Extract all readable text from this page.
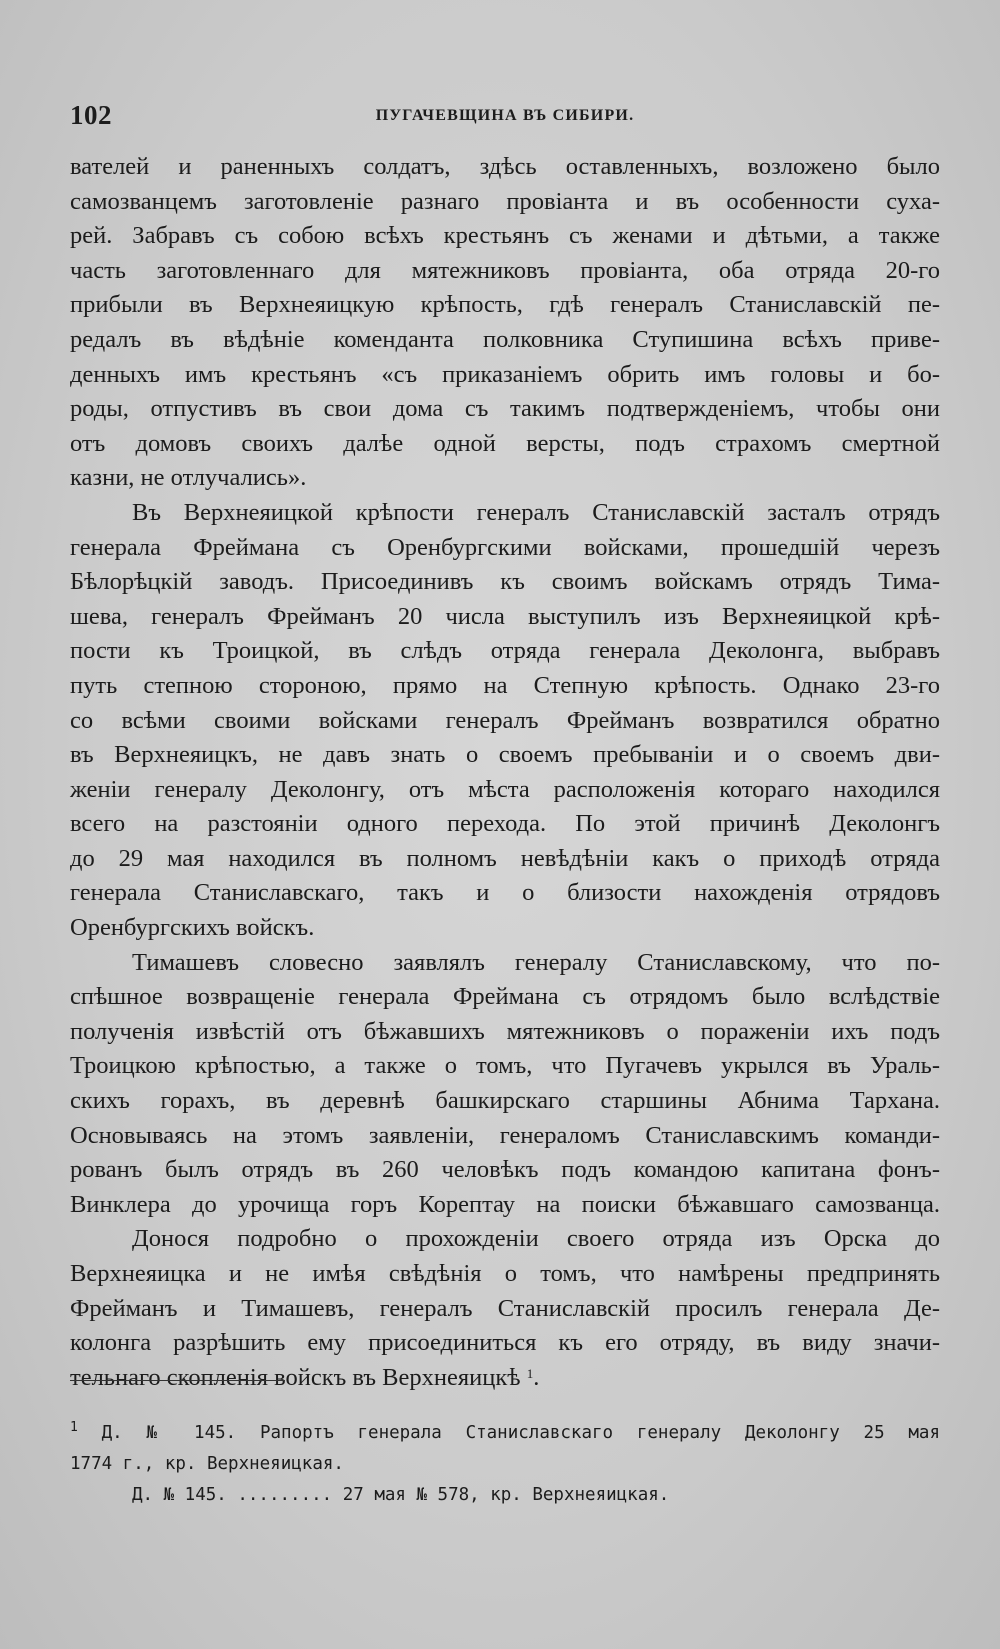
102	ПУГАЧЕВЩИНА ВЪ СИБИРИ.
вателей и раненныхъ солдатъ, здѣсь оставленныхъ, возложено было
самозванцемъ заготовленіе разнаго провіанта и въ особенности суха-
рей. Забравъ съ собою всѣхъ крестьянъ съ женами и дѣтьми, а также
часть заготовленнаго для мятежниковъ провіанта, оба отряда 20-го
прибыли въ Верхнеяицкую крѣпость, гдѣ генералъ Станиславскій пе-
редалъ въ вѣдѣніе коменданта полковника Ступишина всѣхъ приве-
денныхъ имъ крестьянъ «съ приказаніемъ обрить имъ головы и бо-
роды, отпустивъ въ свои дома съ такимъ подтвержденіемъ, чтобы они
отъ домовъ своихъ далѣе одной версты, подъ страхомъ смертной
казни, не отлучались».
Въ Верхнеяицкой крѣпости генералъ Станиславскій засталъ отрядъ
генерала Фреймана съ Оренбургскими войсками, прошедшій черезъ
Бѣлорѣцкій заводъ. Присоединивъ къ своимъ войскамъ отрядъ Тима-
шева, генералъ Фрейманъ 20 числа выступилъ изъ Верхнеяицкой крѣ-
пости къ Троицкой, въ слѣдъ отряда генерала Деколонга, выбравъ
путь степною стороною, прямо на Степную крѣпость. Однако 23-го
со всѣми своими войсками генералъ Фрейманъ возвратился обратно
въ Верхнеяицкъ, не давъ знать о своемъ пребываніи и о своемъ дви-
женіи генералу Деколонгу, отъ мѣста расположенія котораго находился
всего на разстояніи одного перехода. По этой причинѣ Деколонгъ
до 29 мая находился въ полномъ невѣдѣніи какъ о приходѣ отряда
генерала Станиславскаго, такъ и о близости нахожденія отрядовъ
Оренбургскихъ войскъ.
Тимашевъ словесно заявлялъ генералу Станиславскому, что по-
спѣшное возвращеніе генерала Фреймана съ отрядомъ было вслѣдствіе
полученія извѣстій отъ бѣжавшихъ мятежниковъ о пораженіи ихъ подъ
Троицкою крѣпостью, а также о томъ, что Пугачевъ укрылся въ Ураль-
скихъ горахъ, въ деревнѣ башкирскаго старшины Абнима Тархана.
Основываясь на этомъ заявленіи, генераломъ Станиславскимъ команди-
рованъ былъ отрядъ въ 260 человѣкъ подъ командою капитана фонъ-
Винклера до урочища горъ Корептау на поиски бѣжавшаго самозванца.
Донося подробно о прохожденіи своего отряда изъ Орска до
Верхнеяицка и не имѣя свѣдѣнія о томъ, что намѣрены предпринять
Фрейманъ и Тимашевъ, генералъ Станиславскій просилъ генерала Де-
колонга разрѣшить ему присоединиться къ его отряду, въ виду значи-
тельнаго скопленія войскъ въ Верхнеяицкѣ $^1$.
$^1$ Д. № 145. Рапортъ генерала Станиславскаго генералу Деколонгу 25 мая
1774 г., кр. Верхнеяицкая.
Д. № 145. ......... 27 мая № 578, кр. Верхнеяицкая.
